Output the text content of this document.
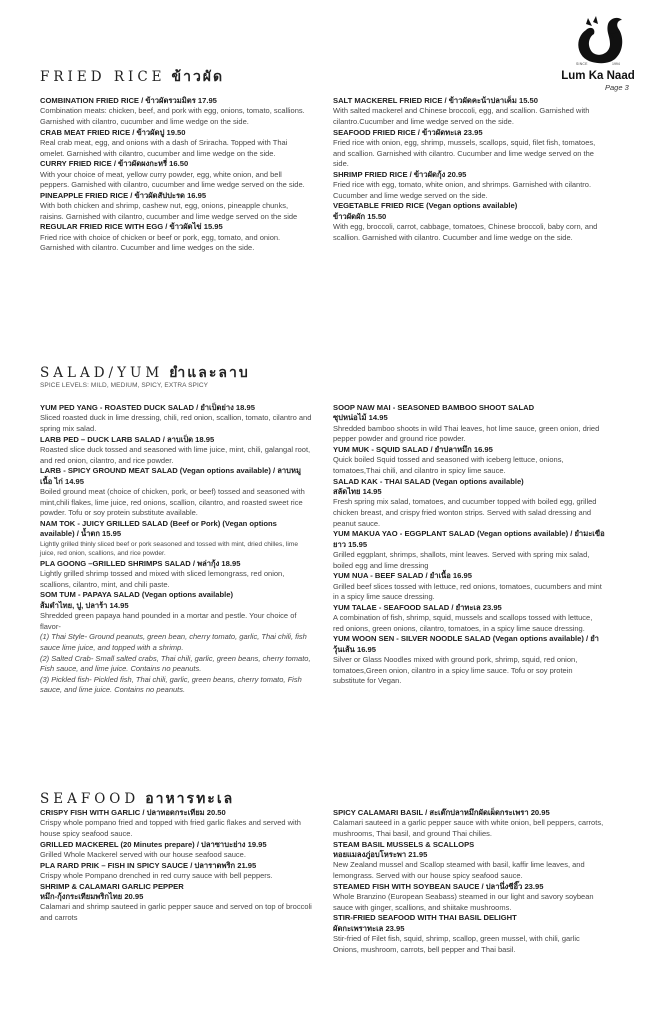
SINCE	1994
Lum Ka Naad
Page 3
FRIED RICE ข้าวผัด
COMBINATION FRIED RICE / ข้าวผัดรวมมิตร 17.95
Combination meats: chicken, beef, and pork with egg, onions, tomato, scallions. Garnished with cilantro, cucumber and lime wedge on the side.
CRAB MEAT FRIED RICE / ข้าวผัดปู 19.50
Real crab meat, egg, and onions with a dash of Sriracha. Topped with Thai omelet. Garnished with cilantro, cucumber and lime wedge on the side.
CURRY FRIED RICE / ข้าวผัดผงกะหรี่ 16.50
With your choice of meat, yellow curry powder, egg, white onion, and bell peppers. Garnished with cilantro, cucumber and lime wedge served on the side.
PINEAPPLE FRIED RICE / ข้าวผัดสัปปะรด 16.95
With both chicken and shrimp, cashew nut, egg, onions, pineapple chunks, raisins. Garnished with cilantro, cucumber and lime wedge served on the side
REGULAR FRIED RICE WITH EGG / ข้าวผัดไข่ 15.95
Fried rice with choice of chicken or beef or pork, egg, tomato, and onion. Garnished with cilantro. Cucumber and lime wedges on the side.
SALT MACKEREL FRIED RICE / ข้าวผัดคะน้าปลาเค็ม 15.50
With salted mackerel and Chinese broccoli, egg, and scallion. Garnished with cilantro.Cucumber and lime wedge served on the side.
SEAFOOD FRIED RICE / ข้าวผัดทะเล 23.95
Fried rice with onion, egg, shrimp, mussels, scallops, squid, filet fish, tomatoes, and scallion. Garnished with cilantro. Cucumber and lime wedge served on the side.
SHRIMP FRIED RICE / ข้าวผัดกุ้ง 20.95
Fried rice with egg, tomato, white onion, and shrimps. Garnished with cilantro. Cucumber and lime wedge served on the side.
VEGETABLE FRIED RICE (Vegan options available)
ข้าวผัดผัก 15.50
With egg, broccoli, carrot, cabbage, tomatoes, Chinese broccoli, baby corn, and scallion. Garnished with cilantro. Cucumber and lime wedge on the side.
SALAD/YUM ยำและลาบ
SPICE LEVELS: MILD, MEDIUM, SPICY, EXTRA SPICY
YUM PED YANG - ROASTED DUCK SALAD / ยำเป็ดย่าง 18.95
Sliced roasted duck in lime dressing, chili, red onion, scallion, tomato, cilantro and spring mix salad.
LARB PED – DUCK LARB SALAD / ลาบเป็ด 18.95
Roasted slice duck tossed and seasoned with lime juice, mint, chili, galangal root, and red onion, cilantro, and rice powder.
LARB - SPICY GROUND MEAT SALAD (Vegan options available) / ลาบหมู เนื้อ ไก่ 14.95
Boiled ground meat (choice of chicken, pork, or beef) tossed and seasoned with mint,chili flakes, lime juice, red onions, scallion, cilantro, and roasted sweet rice powder. Tofu or soy protein substitute available.
NAM TOK - JUICY GRILLED SALAD (Beef or Pork) (Vegan options available) / น้ำตก 15.95
Lightly grilled thinly sliced beef or pork seasoned and tossed with mint, dried chilles, lime juice, red onion, scallions, and rice powder.
PLA GOONG –GRILLED SHRIMPS SALAD / พล่ากุ้ง 18.95
Lightly grilled shrimp tossed and mixed with sliced lemongrass, red onion, scallions, cilantro, mint, and chili paste.
SOM TUM - PAPAYA SALAD (Vegan options available)
ส้มตำไทย, ปู, ปลาร้า 14.95
Shredded green papaya hand pounded in a mortar and pestle. Your choice of flavor-
(1) Thai Style- Ground peanuts, green bean, cherry tomato, garlic, Thai chili, fish sauce lime juice, and topped with a shrimp.
(2) Salted Crab- Small salted crabs, Thai chili, garlic, green beans, cherry tomato, Fish sauce, and lime juice. Contains no peanuts.
(3) Pickled fish- Pickled fish, Thai chili, garlic, green beans, cherry tomato, Fish sauce, and lime juice. Contains no peanuts.
SOOP NAW MAI - SEASONED BAMBOO SHOOT SALAD
ซุปหน่อไม้ 14.95
Shredded bamboo shoots in wild Thai leaves, hot lime sauce, green onion, dried pepper powder and ground rice powder.
YUM MUK - SQUID SALAD / ยำปลาหมึก 16.95
Quick boiled Squid tossed and seasoned with iceberg lettuce, onions, tomatoes,Thai chili, and cilantro in spicy lime sauce.
SALAD KAK - THAI SALAD (Vegan options available)
สลัดไทย 14.95
Fresh spring mix salad, tomatoes, and cucumber topped with boiled egg, grilled chicken breast, and crispy fried wonton strips. Served with salad dressing and peanut sauce.
YUM MAKUA YAO - EGGPLANT SALAD (Vegan options available) / ยำมะเขือยาว 15.95
Grilled eggplant, shrimps, shallots, mint leaves. Served with spring mix salad, boiled egg and lime dressing
YUM NUA - BEEF SALAD / ยำเนื้อ 16.95
Grilled beef slices tossed with lettuce, red onions, tomatoes, cucumbers and mint in a spicy lime sauce dressing.
YUM TALAE - SEAFOOD SALAD / ยำทะเล 23.95
A combination of fish, shrimp, squid, mussels and scallops tossed with lettuce, red onions, green onions, cilantro, tomatoes, in a spicy lime sauce dressing.
YUM WOON SEN - SILVER NOODLE SALAD (Vegan options available) / ยำวุ้นเส้น 16.95
Silver or Glass Noodles mixed with ground pork, shrimp, squid, red onion, tomatoes,Green onion, cilantro in a spicy lime sauce. Tofu or soy protein substitute for Vegan.
SEAFOOD อาหารทะเล
CRISPY FISH WITH GARLIC / ปลาทอดกระเทียม 20.50
Crispy whole pompano fried and topped with fried garlic flakes and served with house spicy seafood sauce.
GRILLED MACKEREL (20 Minutes prepare) / ปลาซาบะย่าง 19.95
Grilled Whole Mackerel served with our house seafood sauce.
PLA RARD PRIK – FISH IN SPICY SAUCE / ปลาราดพริก 21.95
Crispy whole Pompano drenched in red curry sauce with bell peppers.
SHRIMP & CALAMARI GARLIC PEPPER
หมึก-กุ้งกระเทียมพริกไทย 20.95
Calamari and shrimp sauteed in garlic pepper sauce and served on top of broccoli and carrots
SPICY CALAMARI BASIL / สะเต๊กปลาหมึกผัดเผ็ดกระเพรา 20.95
Calamari sauteed in a garlic pepper sauce with white onion, bell peppers, carrots, mushrooms, Thai basil, and ground Thai chilies.
STEAM BASIL MUSSELS & SCALLOPS
หอยแมลงภู่อบโหระพา 21.95
New Zealand mussel and Scallop steamed with basil, kaffir lime leaves, and lemongrass. Served with our house spicy seafood sauce.
STEAMED FISH WITH SOYBEAN SAUCE / ปลานึ่งซีอิ๊ว 23.95
Whole Branzino (European Seabass) steamed in our light and savory soybean sauce with ginger, scallions, and shiitake mushrooms.
STIR-FRIED SEAFOOD WITH THAI BASIL DELIGHT
ผัดกะเพราทะเล 23.95
Stir-fried of Filet fish, squid, shrimp, scallop, green mussel, with chili, garlic Onions, mushroom, carrots, bell pepper and Thai basil.
